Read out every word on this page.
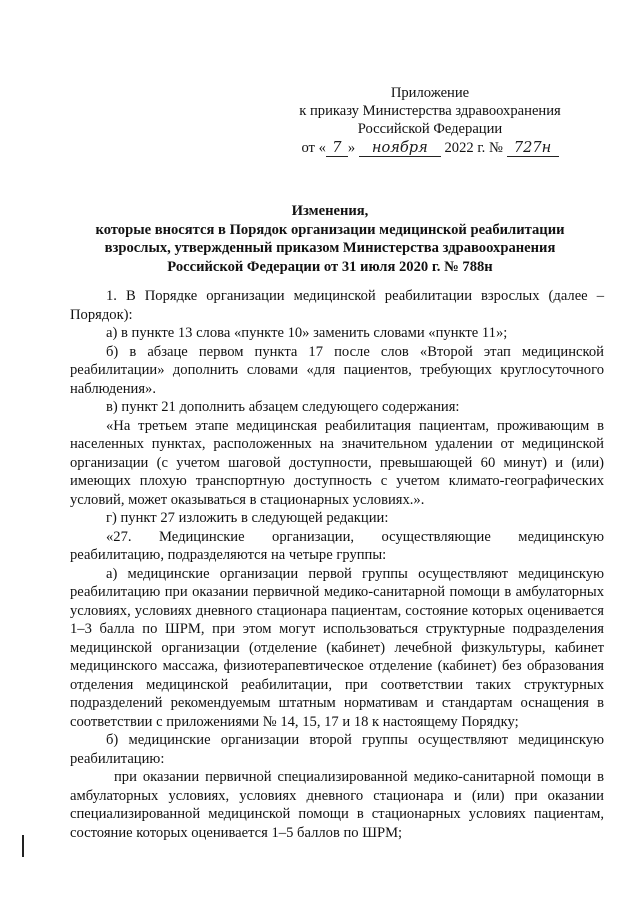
Приложение
к приказу Министерства здравоохранения
Российской Федерации
от « 7 » ноября 2022 г. № 727н
Изменения,
которые вносятся в Порядок организации медицинской реабилитации
взрослых, утвержденный приказом Министерства здравоохранения
Российской Федерации от 31 июля 2020 г. № 788н

1. В Порядке организации медицинской реабилитации взрослых (далее – Порядок):

а) в пункте 13 слова «пункте 10» заменить словами «пункте 11»;

б) в абзаце первом пункта 17 после слов «Второй этап медицинской реабилитации» дополнить словами «для пациентов, требующих круглосуточного наблюдения».

в) пункт 21 дополнить абзацем следующего содержания:

«На третьем этапе медицинская реабилитация пациентам, проживающим в населенных пунктах, расположенных на значительном удалении от медицинской организации (с учетом шаговой доступности, превышающей 60 минут) и (или) имеющих плохую транспортную доступность с учетом климато-географических условий, может оказываться в стационарных условиях.».

г) пункт 27 изложить в следующей редакции:

«27. Медицинские организации, осуществляющие медицинскую реабилитацию, подразделяются на четыре группы:

а) медицинские организации первой группы осуществляют медицинскую реабилитацию при оказании первичной медико-санитарной помощи в амбулаторных условиях, условиях дневного стационара пациентам, состояние которых оценивается 1–3 балла по ШРМ, при этом могут использоваться структурные подразделения медицинской организации (отделение (кабинет) лечебной физкультуры, кабинет медицинского массажа, физиотерапевтическое отделение (кабинет) без образования отделения медицинской реабилитации, при соответствии таких структурных подразделений рекомендуемым штатным нормативам и стандартам оснащения в соответствии с приложениями № 14, 15, 17 и 18 к настоящему Порядку;

б) медицинские организации второй группы осуществляют медицинскую реабилитацию:

при оказании первичной специализированной медико-санитарной помощи в амбулаторных условиях, условиях дневного стационара и (или) при оказании специализированной медицинской помощи в стационарных условиях пациентам, состояние которых оценивается 1–5 баллов по ШРМ;
